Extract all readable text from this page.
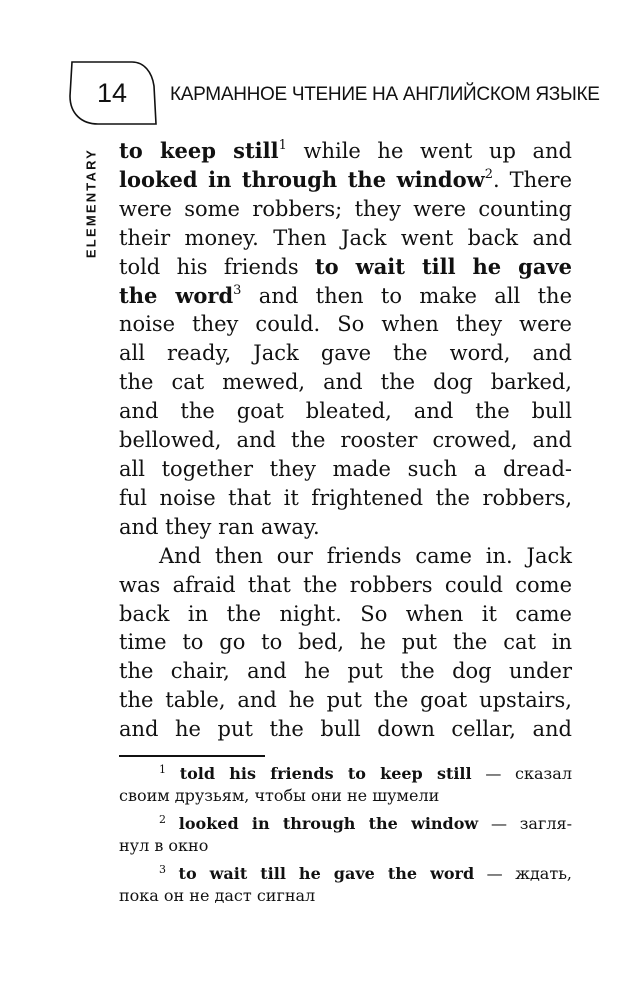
14	КАРМАННОЕ ЧТЕНИЕ НА АНГЛИЙСКОМ ЯЗЫКЕ
ELEMENTARY to keep still$^1$ while he went up and
looked in through the window$^2$. There
were some robbers; they were counting
their money. Then Jack went back and
told his friends to wait till he gave
the word$^3$ and then to make all the
noise they could. So when they were
all ready, Jack gave the word, and
the cat mewed, and the dog barked,
and the goat bleated, and the bull
bellowed, and the rooster crowed, and
all together they made such a dread-
ful noise that it frightened the robbers,
and they ran away.
And then our friends came in. Jack
was afraid that the robbers could come
back in the night. So when it came
time to go to bed, he put the cat in
the chair, and he put the dog under
the table, and he put the goat upstairs,
and he put the bull down cellar, and
$^1$ told his friends to keep still — сказал
своим друзьям, чтобы они не шумели
$^2$ looked in through the window — загля-
нул в окно
$^3$ to wait till he gave the word — ждать,
пока он не даст сигнал
